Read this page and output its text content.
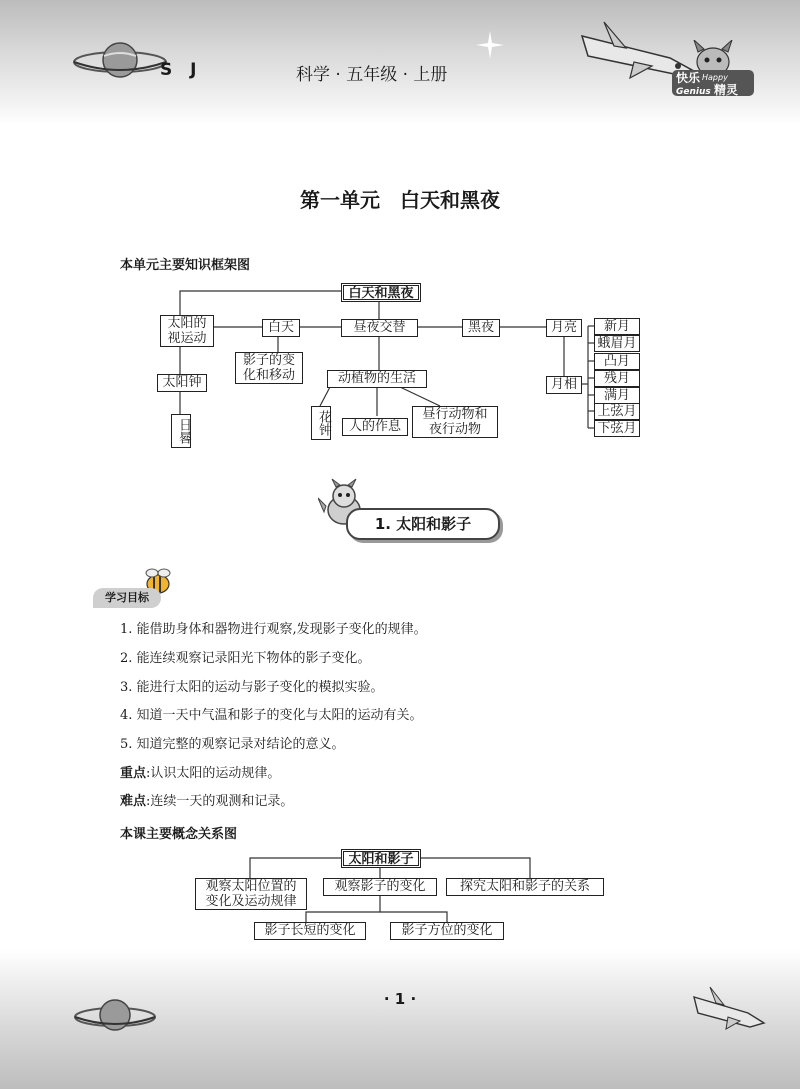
S J	科学 · 五年级 · 上册	快乐 Happy
Genius 精灵
第一单元　白天和黑夜
本单元主要知识框架图
白天和黑夜
昼夜交替
白天	黑夜
太阳的
视运动
影子的变
化和移动
太阳钟
日晷
动植物的生活
花钟	人的作息
昼行动物和
夜行动物
月亮
月相
新月
蛾眉月
凸月
残月
满月
上弦月
下弦月
1. 太阳和影子
学习目标
1. 能借助身体和器物进行观察,发现影子变化的规律。
2. 能连续观察记录阳光下物体的影子变化。
3. 能进行太阳的运动与影子变化的模拟实验。
4. 知道一天中气温和影子的变化与太阳的运动有关。
5. 知道完整的观察记录对结论的意义。
重点:认识太阳的运动规律。
难点:连续一天的观测和记录。
本课主要概念关系图
太阳和影子
观察太阳位置的
变化及运动规律
观察影子的变化	探究太阳和影子的关系
影子长短的变化	影子方位的变化
· 1 ·
